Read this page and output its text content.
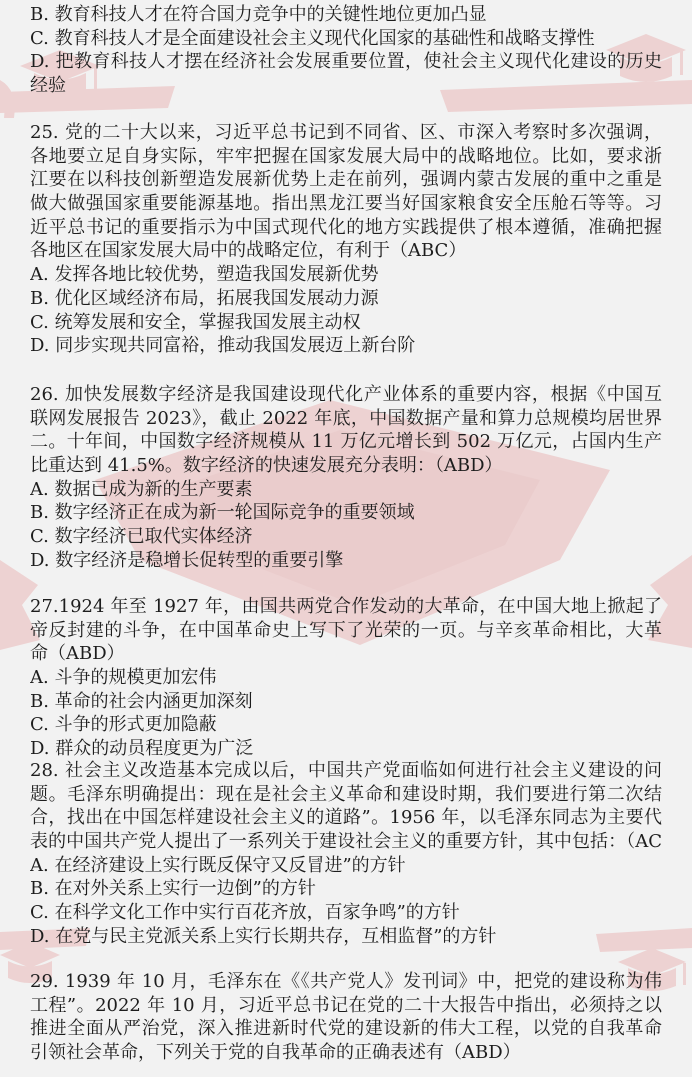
B. 教育科技人才在符合国力竞争中的关键性地位更加凸显
C. 教育科技人才是全面建设社会主义现代化国家的基础性和战略支撑性
D. 把教育科技人才摆在经济社会发展重要位置，使社会主义现代化建设的历史
经验
25. 党的二十大以来，习近平总书记到不同省、区、市深入考察时多次强调，
各地要立足自身实际，牢牢把握在国家发展大局中的战略地位。比如，要求浙
江要在以科技创新塑造发展新优势上走在前列，强调内蒙古发展的重中之重是
做大做强国家重要能源基地。指出黑龙江要当好国家粮食安全压舱石等等。习
近平总书记的重要指示为中国式现代化的地方实践提供了根本遵循，准确把握
各地区在国家发展大局中的战略定位，有利于（ABC）
A. 发挥各地比较优势，塑造我国发展新优势
B. 优化区域经济布局，拓展我国发展动力源
C. 统筹发展和安全，掌握我国发展主动权
D. 同步实现共同富裕，推动我国发展迈上新台阶
26. 加快发展数字经济是我国建设现代化产业体系的重要内容，根据《中国互
联网发展报告 2023》，截止 2022 年底，中国数据产量和算力总规模均居世界
二。十年间，中国数字经济规模从 11 万亿元增长到 502 万亿元，占国内生产
比重达到 41.5%。数字经济的快速发展充分表明：（ABD）
A. 数据已成为新的生产要素
B. 数字经济正在成为新一轮国际竞争的重要领域
C. 数字经济已取代实体经济
D. 数字经济是稳增长促转型的重要引擎
27.1924 年至 1927 年，由国共两党合作发动的大革命，在中国大地上掀起了
帝反封建的斗争，在中国革命史上写下了光荣的一页。与辛亥革命相比，大革
命（ABD）
A. 斗争的规模更加宏伟
B. 革命的社会内涵更加深刻
C. 斗争的形式更加隐蔽
D. 群众的动员程度更为广泛
28. 社会主义改造基本完成以后，中国共产党面临如何进行社会主义建设的问
题。毛泽东明确提出：现在是社会主义革命和建设时期，我们要进行第二次结
合，找出在中国怎样建设社会主义的道路”。1956 年，以毛泽东同志为主要代
表的中国共产党人提出了一系列关于建设社会主义的重要方针，其中包括：（AC
A. 在经济建设上实行既反保守又反冒进”的方针
B. 在对外关系上实行一边倒”的方针
C. 在科学文化工作中实行百花齐放，百家争鸣”的方针
D. 在党与民主党派关系上实行长期共存，互相监督”的方针
29. 1939 年 10 月，毛泽东在《《共产党人》发刊词》中，把党的建设称为伟
工程”。2022 年 10 月，习近平总书记在党的二十大报告中指出，必须持之以
推进全面从严治党，深入推进新时代党的建设新的伟大工程，以党的自我革命
引领社会革命，下列关于党的自我革命的正确表述有（ABD）
